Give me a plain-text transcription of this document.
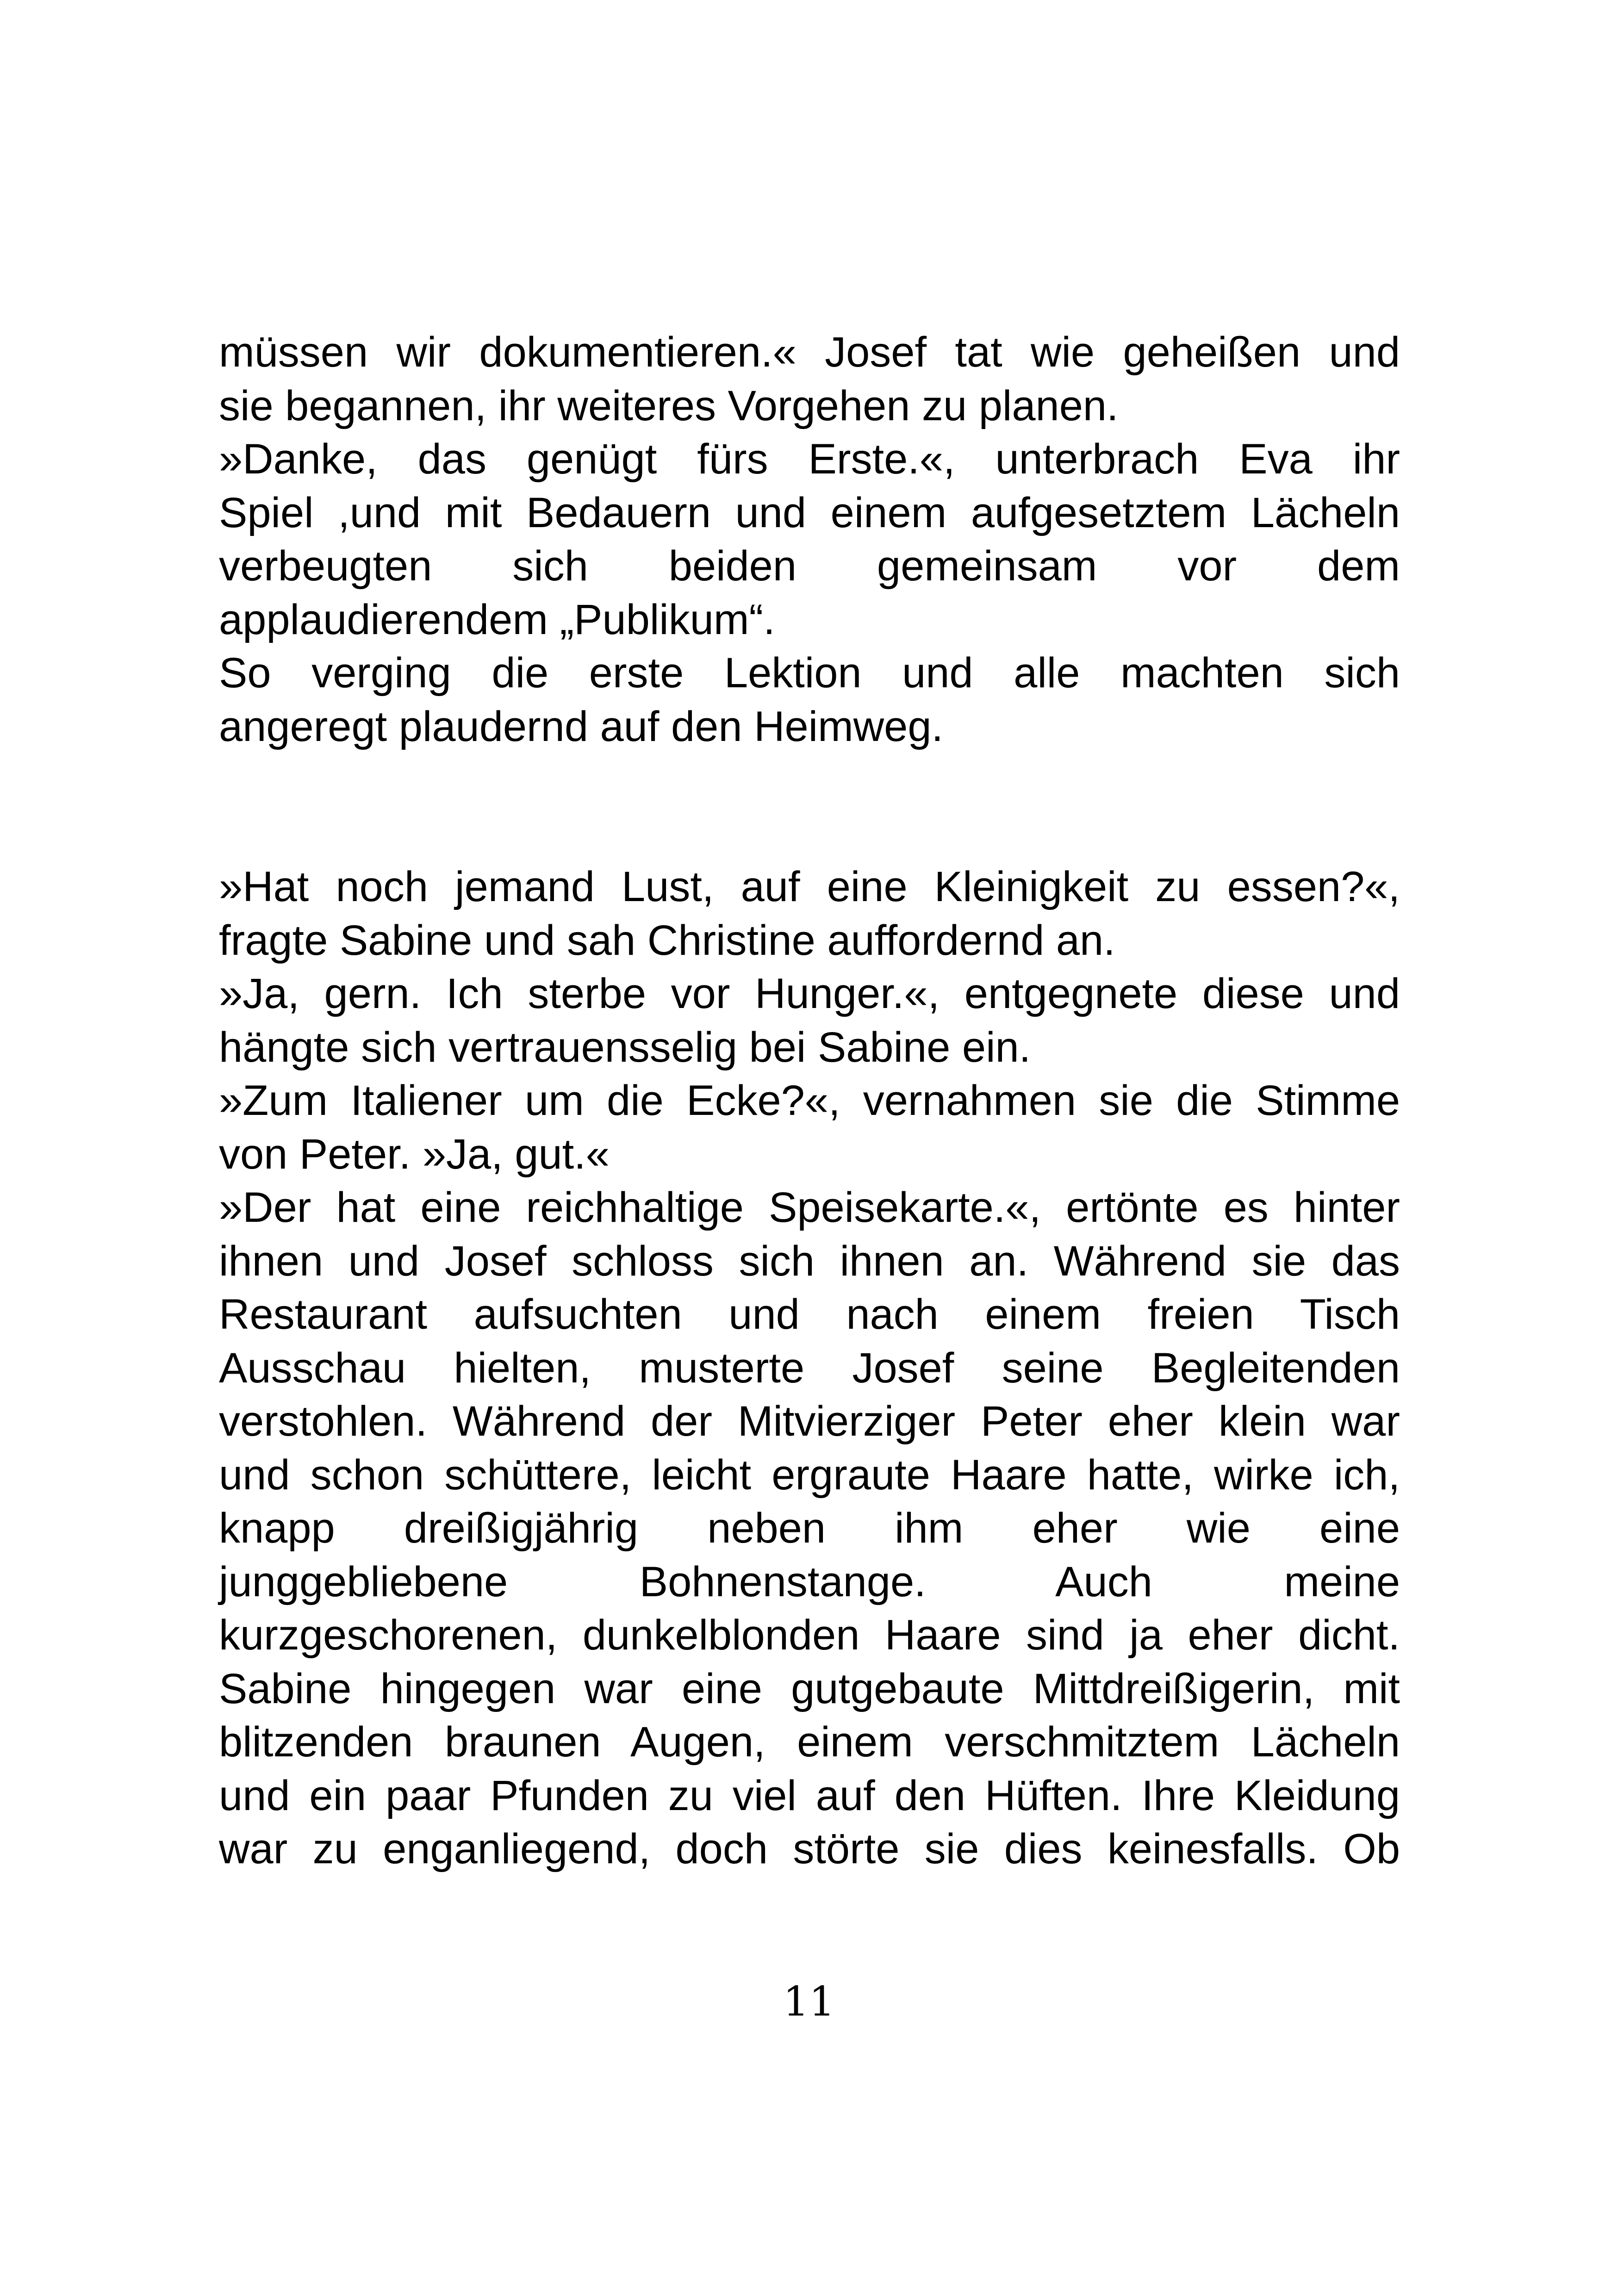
müssen wir dokumentieren.« Josef tat wie geheißen und
sie begannen, ihr weiteres Vorgehen zu planen.
»Danke, das genügt fürs Erste.«, unterbrach Eva ihr
Spiel ,und mit Bedauern und einem aufgesetztem Lächeln
verbeugten sich beiden gemeinsam vor dem
applaudierendem „Publikum“.
So verging die erste Lektion und alle machten sich
angeregt plaudernd auf den Heimweg.
»Hat noch jemand Lust, auf eine Kleinigkeit zu essen?«,
fragte Sabine und sah Christine auffordernd an.
»Ja, gern. Ich sterbe vor Hunger.«, entgegnete diese und
hängte sich vertrauensselig bei Sabine ein.
»Zum Italiener um die Ecke?«, vernahmen sie die Stimme
von Peter. »Ja, gut.«
»Der hat eine reichhaltige Speisekarte.«, ertönte es hinter
ihnen und Josef schloss sich ihnen an. Während sie das
Restaurant aufsuchten und nach einem freien Tisch
Ausschau hielten, musterte Josef seine Begleitenden
verstohlen. Während der Mitvierziger Peter eher klein war
und schon schüttere, leicht ergraute Haare hatte, wirke ich,
knapp dreißigjährig neben ihm eher wie eine
junggebliebene Bohnenstange. Auch meine
kurzgeschorenen, dunkelblonden Haare sind ja eher dicht.
Sabine hingegen war eine gutgebaute Mittdreißigerin, mit
blitzenden braunen Augen, einem verschmitztem Lächeln
und ein paar Pfunden zu viel auf den Hüften. Ihre Kleidung
war zu enganliegend, doch störte sie dies keinesfalls. Ob
11
